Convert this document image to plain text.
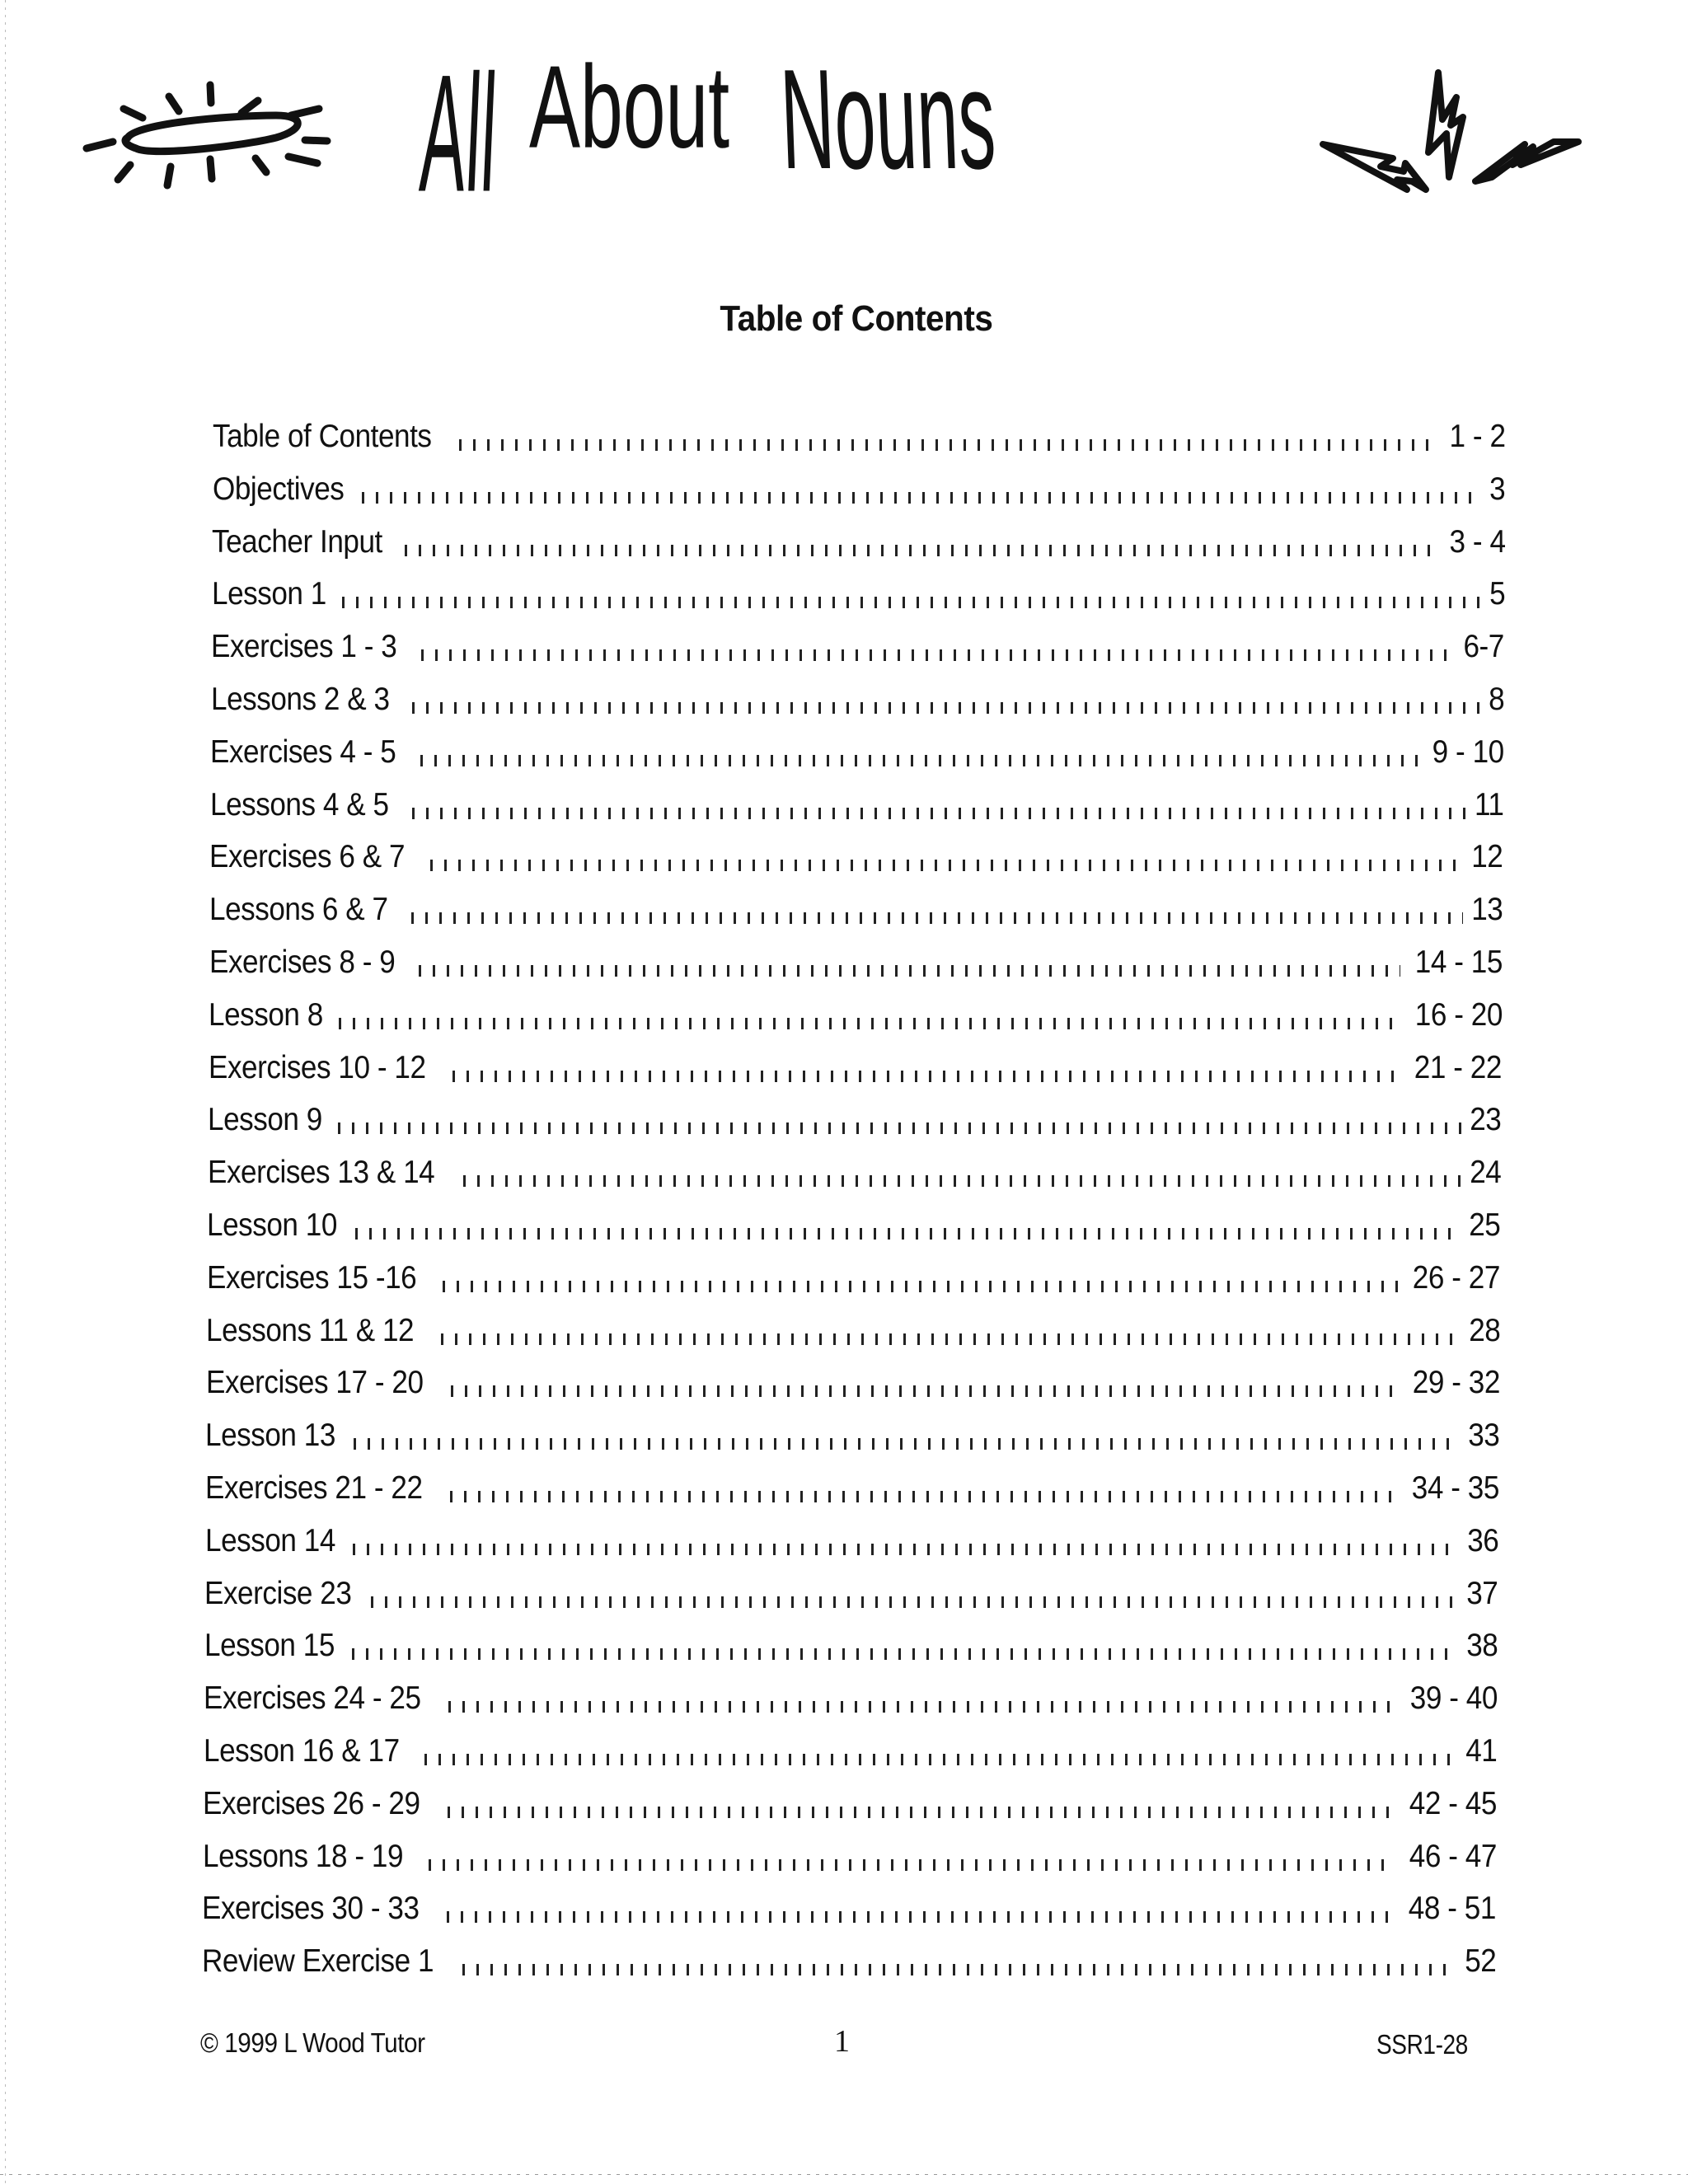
All About Nouns
Table of Contents
Table of Contents	1 - 2
Objectives	3
Teacher Input	3 - 4
Lesson 1	5
Exercises 1 - 3	6-7
Lessons 2 & 3	8
Exercises 4 - 5	9 - 10
Lessons 4 & 5	11
Exercises 6 & 7	12
Lessons 6 & 7	13
Exercises 8 - 9	14 - 15
Lesson 8	16 - 20
Exercises 10 - 12	21 - 22
Lesson 9	23
Exercises 13 & 14	24
Lesson 10	25
Exercises 15 -16	26 - 27
Lessons 11 & 12	28
Exercises 17 - 20	29 - 32
Lesson 13	33
Exercises 21 - 22	34 - 35
Lesson 14	36
Exercise 23	37
Lesson 15	38
Exercises 24 - 25	39 - 40
Lesson 16 & 17	41
Exercises 26 - 29	42 - 45
Lessons 18 - 19	46 - 47
Exercises 30 - 33	48 - 51
Review Exercise 1	52
© 1999 L Wood Tutor	1	SSR1-28
